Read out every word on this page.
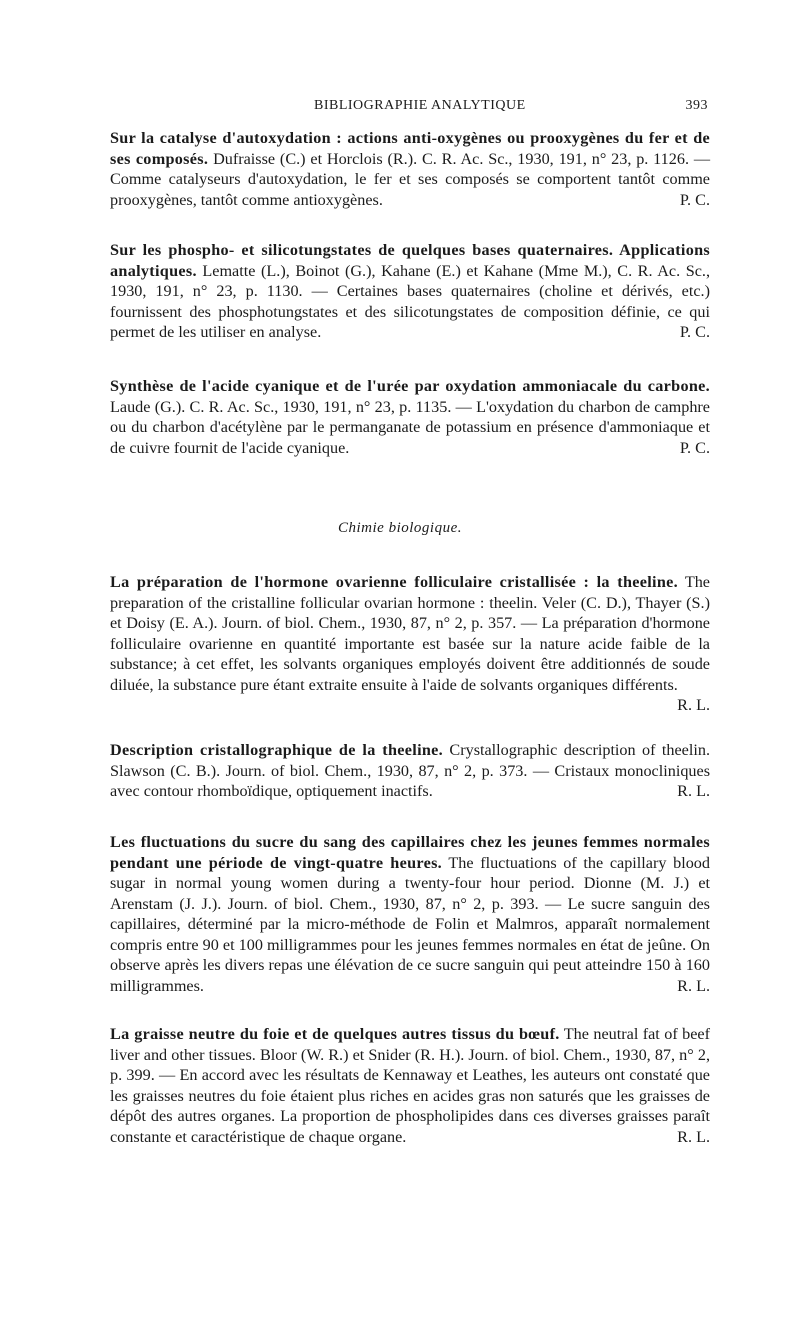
BIBLIOGRAPHIE ANALYTIQUE	393
Sur la catalyse d'autoxydation : actions anti-oxygènes ou prooxygènes du fer et de ses composés. Dufraisse (C.) et Horclois (R.). C. R. Ac. Sc., 1930, 191, n° 23, p. 1126. — Comme catalyseurs d'autoxydation, le fer et ses composés se comportent tantôt comme prooxygènes, tantôt comme antioxygènes.	P. C.
Sur les phospho- et silicotungstates de quelques bases quaternaires. Applications analytiques. Lematte (L.), Boinot (G.), Kahane (E.) et Kahane (Mme M.), C. R. Ac. Sc., 1930, 191, n° 23, p. 1130. — Certaines bases quaternaires (choline et dérivés, etc.) fournissent des phosphotungstates et des silicotungstates de composition définie, ce qui permet de les utiliser en analyse.	P. C.
Synthèse de l'acide cyanique et de l'urée par oxydation ammoniacale du carbone. Laude (G.). C. R. Ac. Sc., 1930, 191, n° 23, p. 1135. — L'oxydation du charbon de camphre ou du charbon d'acétylène par le permanganate de potassium en présence d'ammoniaque et de cuivre fournit de l'acide cyanique.	P. C.
Chimie biologique.
La préparation de l'hormone ovarienne folliculaire cristallisée : la theeline. The preparation of the cristalline follicular ovarian hormone : theelin. Veler (C. D.), Thayer (S.) et Doisy (E. A.). Journ. of biol. Chem., 1930, 87, n° 2, p. 357. — La préparation d'hormone folliculaire ovarienne en quantité importante est basée sur la nature acide faible de la substance; à cet effet, les solvants organiques employés doivent être additionnés de soude diluée, la substance pure étant extraite ensuite à l'aide de solvants organiques différents.
R. L.
Description cristallographique de la theeline. Crystallographic description of theelin. Slawson (C. B.). Journ. of biol. Chem., 1930, 87, n° 2, p. 373. — Cristaux monocliniques avec contour rhomboïdique, optiquement inactifs.	R. L.
Les fluctuations du sucre du sang des capillaires chez les jeunes femmes normales pendant une période de vingt-quatre heures. The fluctuations of the capillary blood sugar in normal young women during a twenty-four hour period. Dionne (M. J.) et Arenstam (J. J.). Journ. of biol. Chem., 1930, 87, n° 2, p. 393. — Le sucre sanguin des capillaires, déterminé par la micro-méthode de Folin et Malmros, apparaît normalement compris entre 90 et 100 milligrammes pour les jeunes femmes normales en état de jeûne. On observe après les divers repas une élévation de ce sucre sanguin qui peut atteindre 150 à 160 milligrammes.	R. L.
La graisse neutre du foie et de quelques autres tissus du bœuf. The neutral fat of beef liver and other tissues. Bloor (W. R.) et Snider (R. H.). Journ. of biol. Chem., 1930, 87, n° 2, p. 399. — En accord avec les résultats de Kennaway et Leathes, les auteurs ont constaté que les graisses neutres du foie étaient plus riches en acides gras non saturés que les graisses de dépôt des autres organes. La proportion de phospholipides dans ces diverses graisses paraît constante et caractéristique de chaque organe.	R. L.
